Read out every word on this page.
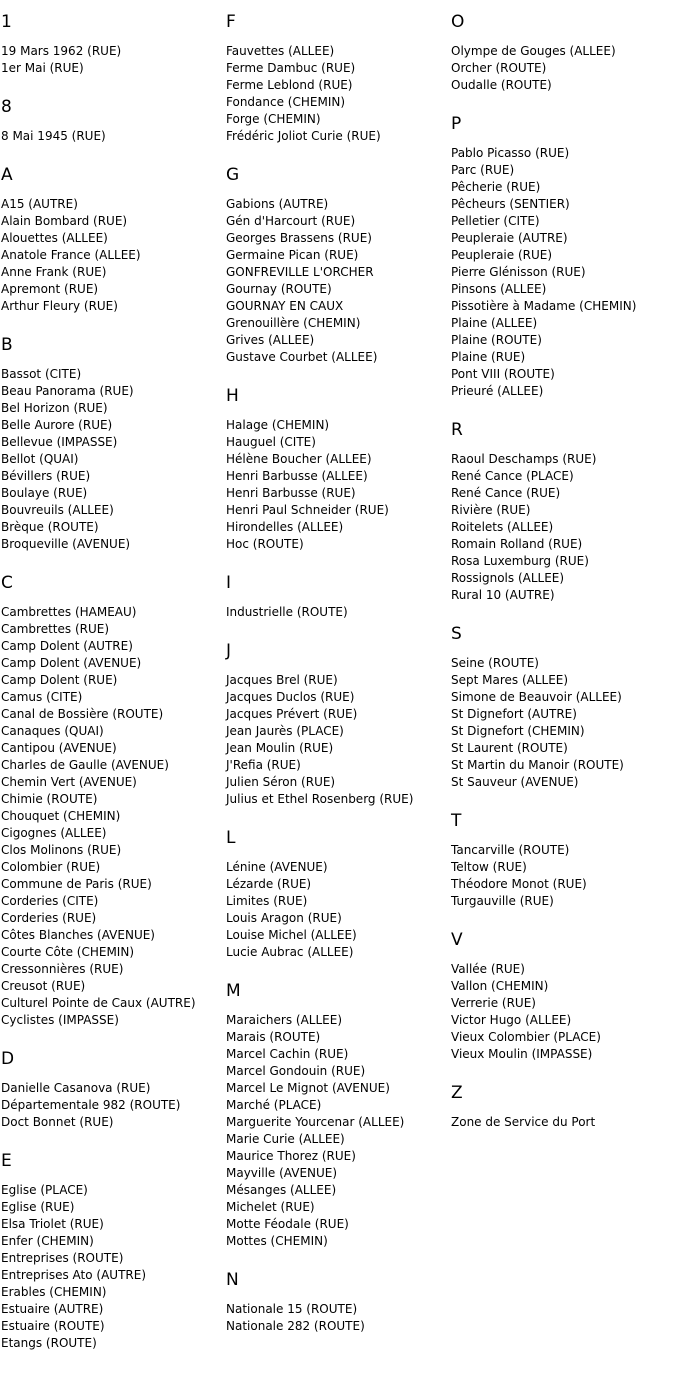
1
19 Mars 1962 (RUE)
1er Mai (RUE)
8
8 Mai 1945 (RUE)
A
A15 (AUTRE)
Alain Bombard (RUE)
Alouettes (ALLEE)
Anatole France (ALLEE)
Anne Frank (RUE)
Apremont (RUE)
Arthur Fleury (RUE)
B
Bassot (CITE)
Beau Panorama (RUE)
Bel Horizon (RUE)
Belle Aurore (RUE)
Bellevue (IMPASSE)
Bellot (QUAI)
Bévillers (RUE)
Boulaye (RUE)
Bouvreuils (ALLEE)
Brèque (ROUTE)
Broqueville (AVENUE)
C
Cambrettes (HAMEAU)
Cambrettes (RUE)
Camp Dolent (AUTRE)
Camp Dolent (AVENUE)
Camp Dolent (RUE)
Camus (CITE)
Canal de Bossière (ROUTE)
Canaques (QUAI)
Cantipou (AVENUE)
Charles de Gaulle (AVENUE)
Chemin Vert (AVENUE)
Chimie (ROUTE)
Chouquet (CHEMIN)
Cigognes (ALLEE)
Clos Molinons (RUE)
Colombier (RUE)
Commune de Paris (RUE)
Corderies (CITE)
Corderies (RUE)
Côtes Blanches (AVENUE)
Courte Côte (CHEMIN)
Cressonnières (RUE)
Creusot (RUE)
Culturel Pointe de Caux (AUTRE)
Cyclistes (IMPASSE)
D
Danielle Casanova (RUE)
Départementale 982 (ROUTE)
Doct Bonnet (RUE)
E
Eglise (PLACE)
Eglise (RUE)
Elsa Triolet (RUE)
Enfer (CHEMIN)
Entreprises (ROUTE)
Entreprises Ato (AUTRE)
Erables (CHEMIN)
Estuaire (AUTRE)
Estuaire (ROUTE)
Etangs (ROUTE)
F
Fauvettes (ALLEE)
Ferme Dambuc (RUE)
Ferme Leblond (RUE)
Fondance (CHEMIN)
Forge (CHEMIN)
Frédéric Joliot Curie (RUE)
G
Gabions (AUTRE)
Gén d'Harcourt (RUE)
Georges Brassens (RUE)
Germaine Pican (RUE)
GONFREVILLE L'ORCHER
Gournay (ROUTE)
GOURNAY EN CAUX
Grenouillère (CHEMIN)
Grives (ALLEE)
Gustave Courbet (ALLEE)
H
Halage (CHEMIN)
Hauguel (CITE)
Hélène Boucher (ALLEE)
Henri Barbusse (ALLEE)
Henri Barbusse (RUE)
Henri Paul Schneider (RUE)
Hirondelles (ALLEE)
Hoc (ROUTE)
I
Industrielle (ROUTE)
J
Jacques Brel (RUE)
Jacques Duclos (RUE)
Jacques Prévert (RUE)
Jean Jaurès (PLACE)
Jean Moulin (RUE)
J'Refia (RUE)
Julien Séron (RUE)
Julius et Ethel Rosenberg (RUE)
L
Lénine (AVENUE)
Lézarde (RUE)
Limites (RUE)
Louis Aragon (RUE)
Louise Michel (ALLEE)
Lucie Aubrac (ALLEE)
M
Maraichers (ALLEE)
Marais (ROUTE)
Marcel Cachin (RUE)
Marcel Gondouin (RUE)
Marcel Le Mignot (AVENUE)
Marché (PLACE)
Marguerite Yourcenar (ALLEE)
Marie Curie (ALLEE)
Maurice Thorez (RUE)
Mayville (AVENUE)
Mésanges (ALLEE)
Michelet (RUE)
Motte Féodale (RUE)
Mottes (CHEMIN)
N
Nationale 15 (ROUTE)
Nationale 282 (ROUTE)
O
Olympe de Gouges (ALLEE)
Orcher (ROUTE)
Oudalle (ROUTE)
P
Pablo Picasso (RUE)
Parc (RUE)
Pêcherie (RUE)
Pêcheurs (SENTIER)
Pelletier (CITE)
Peupleraie (AUTRE)
Peupleraie (RUE)
Pierre Glénisson (RUE)
Pinsons (ALLEE)
Pissotière à Madame (CHEMIN)
Plaine (ALLEE)
Plaine (ROUTE)
Plaine (RUE)
Pont VIII (ROUTE)
Prieuré (ALLEE)
R
Raoul Deschamps (RUE)
René Cance (PLACE)
René Cance (RUE)
Rivière (RUE)
Roitelets (ALLEE)
Romain Rolland (RUE)
Rosa Luxemburg (RUE)
Rossignols (ALLEE)
Rural 10 (AUTRE)
S
Seine (ROUTE)
Sept Mares (ALLEE)
Simone de Beauvoir (ALLEE)
St Dignefort (AUTRE)
St Dignefort (CHEMIN)
St Laurent (ROUTE)
St Martin du Manoir (ROUTE)
St Sauveur (AVENUE)
T
Tancarville (ROUTE)
Teltow (RUE)
Théodore Monot (RUE)
Turgauville (RUE)
V
Vallée (RUE)
Vallon (CHEMIN)
Verrerie (RUE)
Victor Hugo (ALLEE)
Vieux Colombier (PLACE)
Vieux Moulin (IMPASSE)
Z
Zone de Service du Port
